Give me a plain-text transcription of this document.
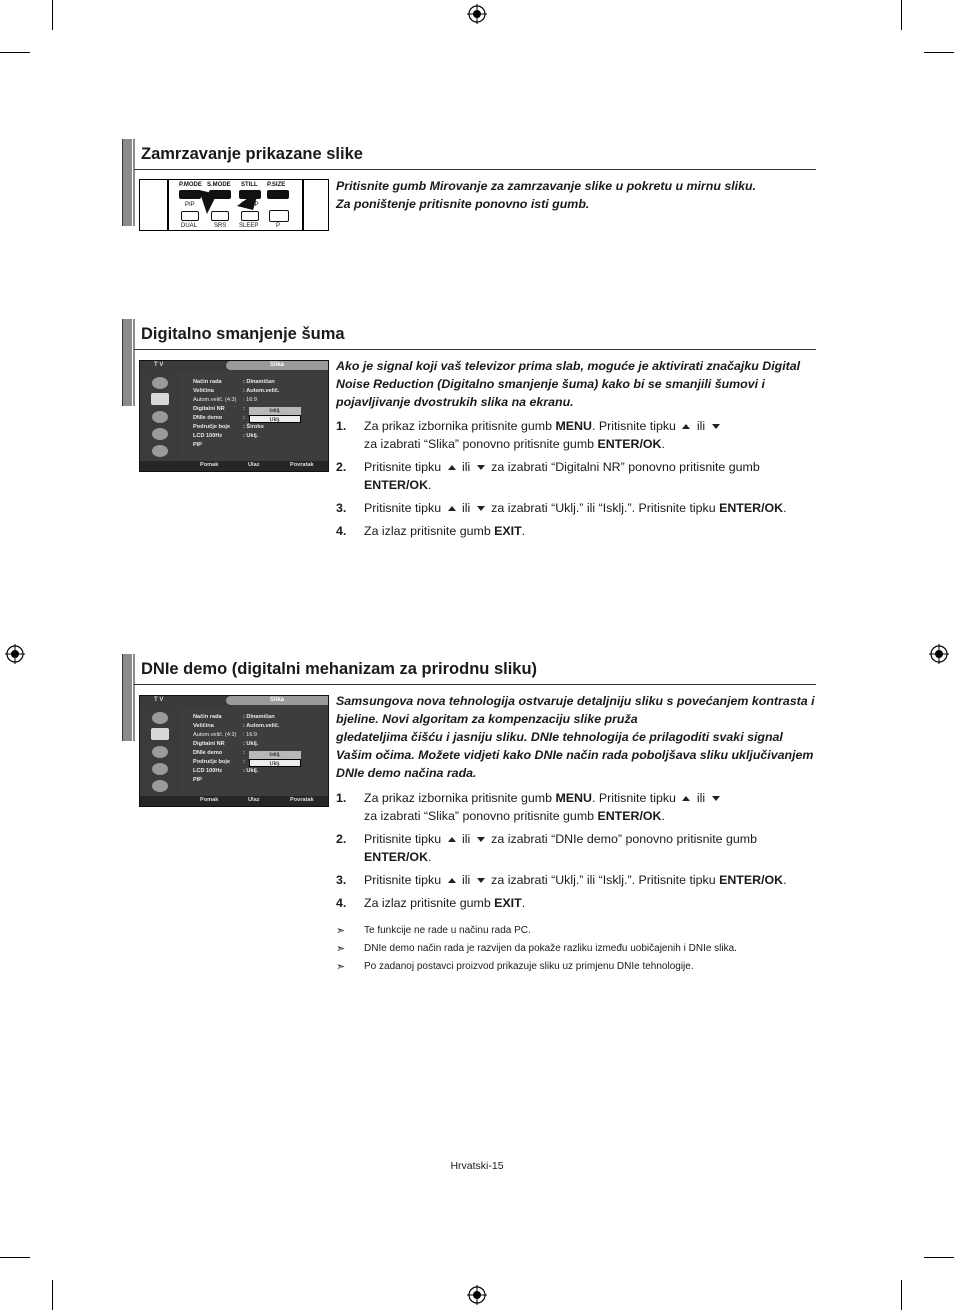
Zamrzavanje prikazane slike
P.MODE S.MODE STILL P.SIZE
PIP	SWAP
DUAL	SRS SLEEP	P
Pritisnite gumb Mirovanje za zamrzavanje slike u pokretu u mirnu sliku.
Za poništenje pritisnite ponovno isti gumb.
Digitalno smanjenje šuma
T V	Slika
Način rada	: Dinamičan
Veličina	: Autom.velič.
Autom.velič. (4:3) : 16:9
Digitalni NR	:
DNIe demo	:
Područje boje : Široko
LCD 100Hz	: Uklj.
PIP
Isklj.
Uklj.
Pomak	Ulaz	Povratak
Ako je signal koji vaš televizor prima slab, moguće je aktivirati značajku Digital Noise Reduction (Digitalno smanjenje šuma) kako bi se smanjili šumovi i pojavljivanje dvostrukih slika na ekranu.
1. Za prikaz izbornika pritisnite gumb MENU. Pritisnite tipku  ili
za izabrati “Slika” ponovno pritisnite gumb ENTER/OK.
2. Pritisnite tipku  ili  za izabrati “Digitalni NR” ponovno pritisnite gumb ENTER/OK.
3. Pritisnite tipku  ili  za izabrati “Uklj.” ili “Isklj.”. Pritisnite tipku ENTER/OK.
4. Za izlaz pritisnite gumb EXIT.
DNIe demo (digitalni mehanizam za prirodnu sliku)
T V	Slika
Način rada	: Dinamičan
Veličina	: Autom.velič.
Autom.velič. (4:3) : 16:9
Digitalni NR	: Uklj.
DNIe demo	:
Područje boje :
LCD 100Hz	: Uklj.
PIP
Isklj.
Uklj.
Pomak	Ulaz	Povratak
Samsungova nova tehnologija ostvaruje detaljniju sliku s povećanjem kontrasta i bjeline. Novi algoritam za kompenzaciju slike pruža
gledateljima čišću i jasniju sliku. DNIe tehnologija će prilagoditi svaki signal Vašim očima. Možete vidjeti kako DNIe način rada poboljšava sliku uključivanjem DNIe demo načina rada.
1. Za prikaz izbornika pritisnite gumb MENU. Pritisnite tipku  ili
za izabrati “Slika” ponovno pritisnite gumb ENTER/OK.
2. Pritisnite tipku  ili  za izabrati “DNIe demo” ponovno pritisnite gumb ENTER/OK.
3. Pritisnite tipku  ili  za izabrati “Uklj.” ili “Isklj.”. Pritisnite tipku ENTER/OK.
4. Za izlaz pritisnite gumb EXIT.
➣ Te funkcije ne rade u načinu rada PC.
➣ DNIe demo način rada je razvijen da pokaže razliku između uobičajenih i DNIe slika.
➣ Po zadanoj postavci proizvod prikazuje sliku uz primjenu DNIe tehnologije.
Hrvatski-15
